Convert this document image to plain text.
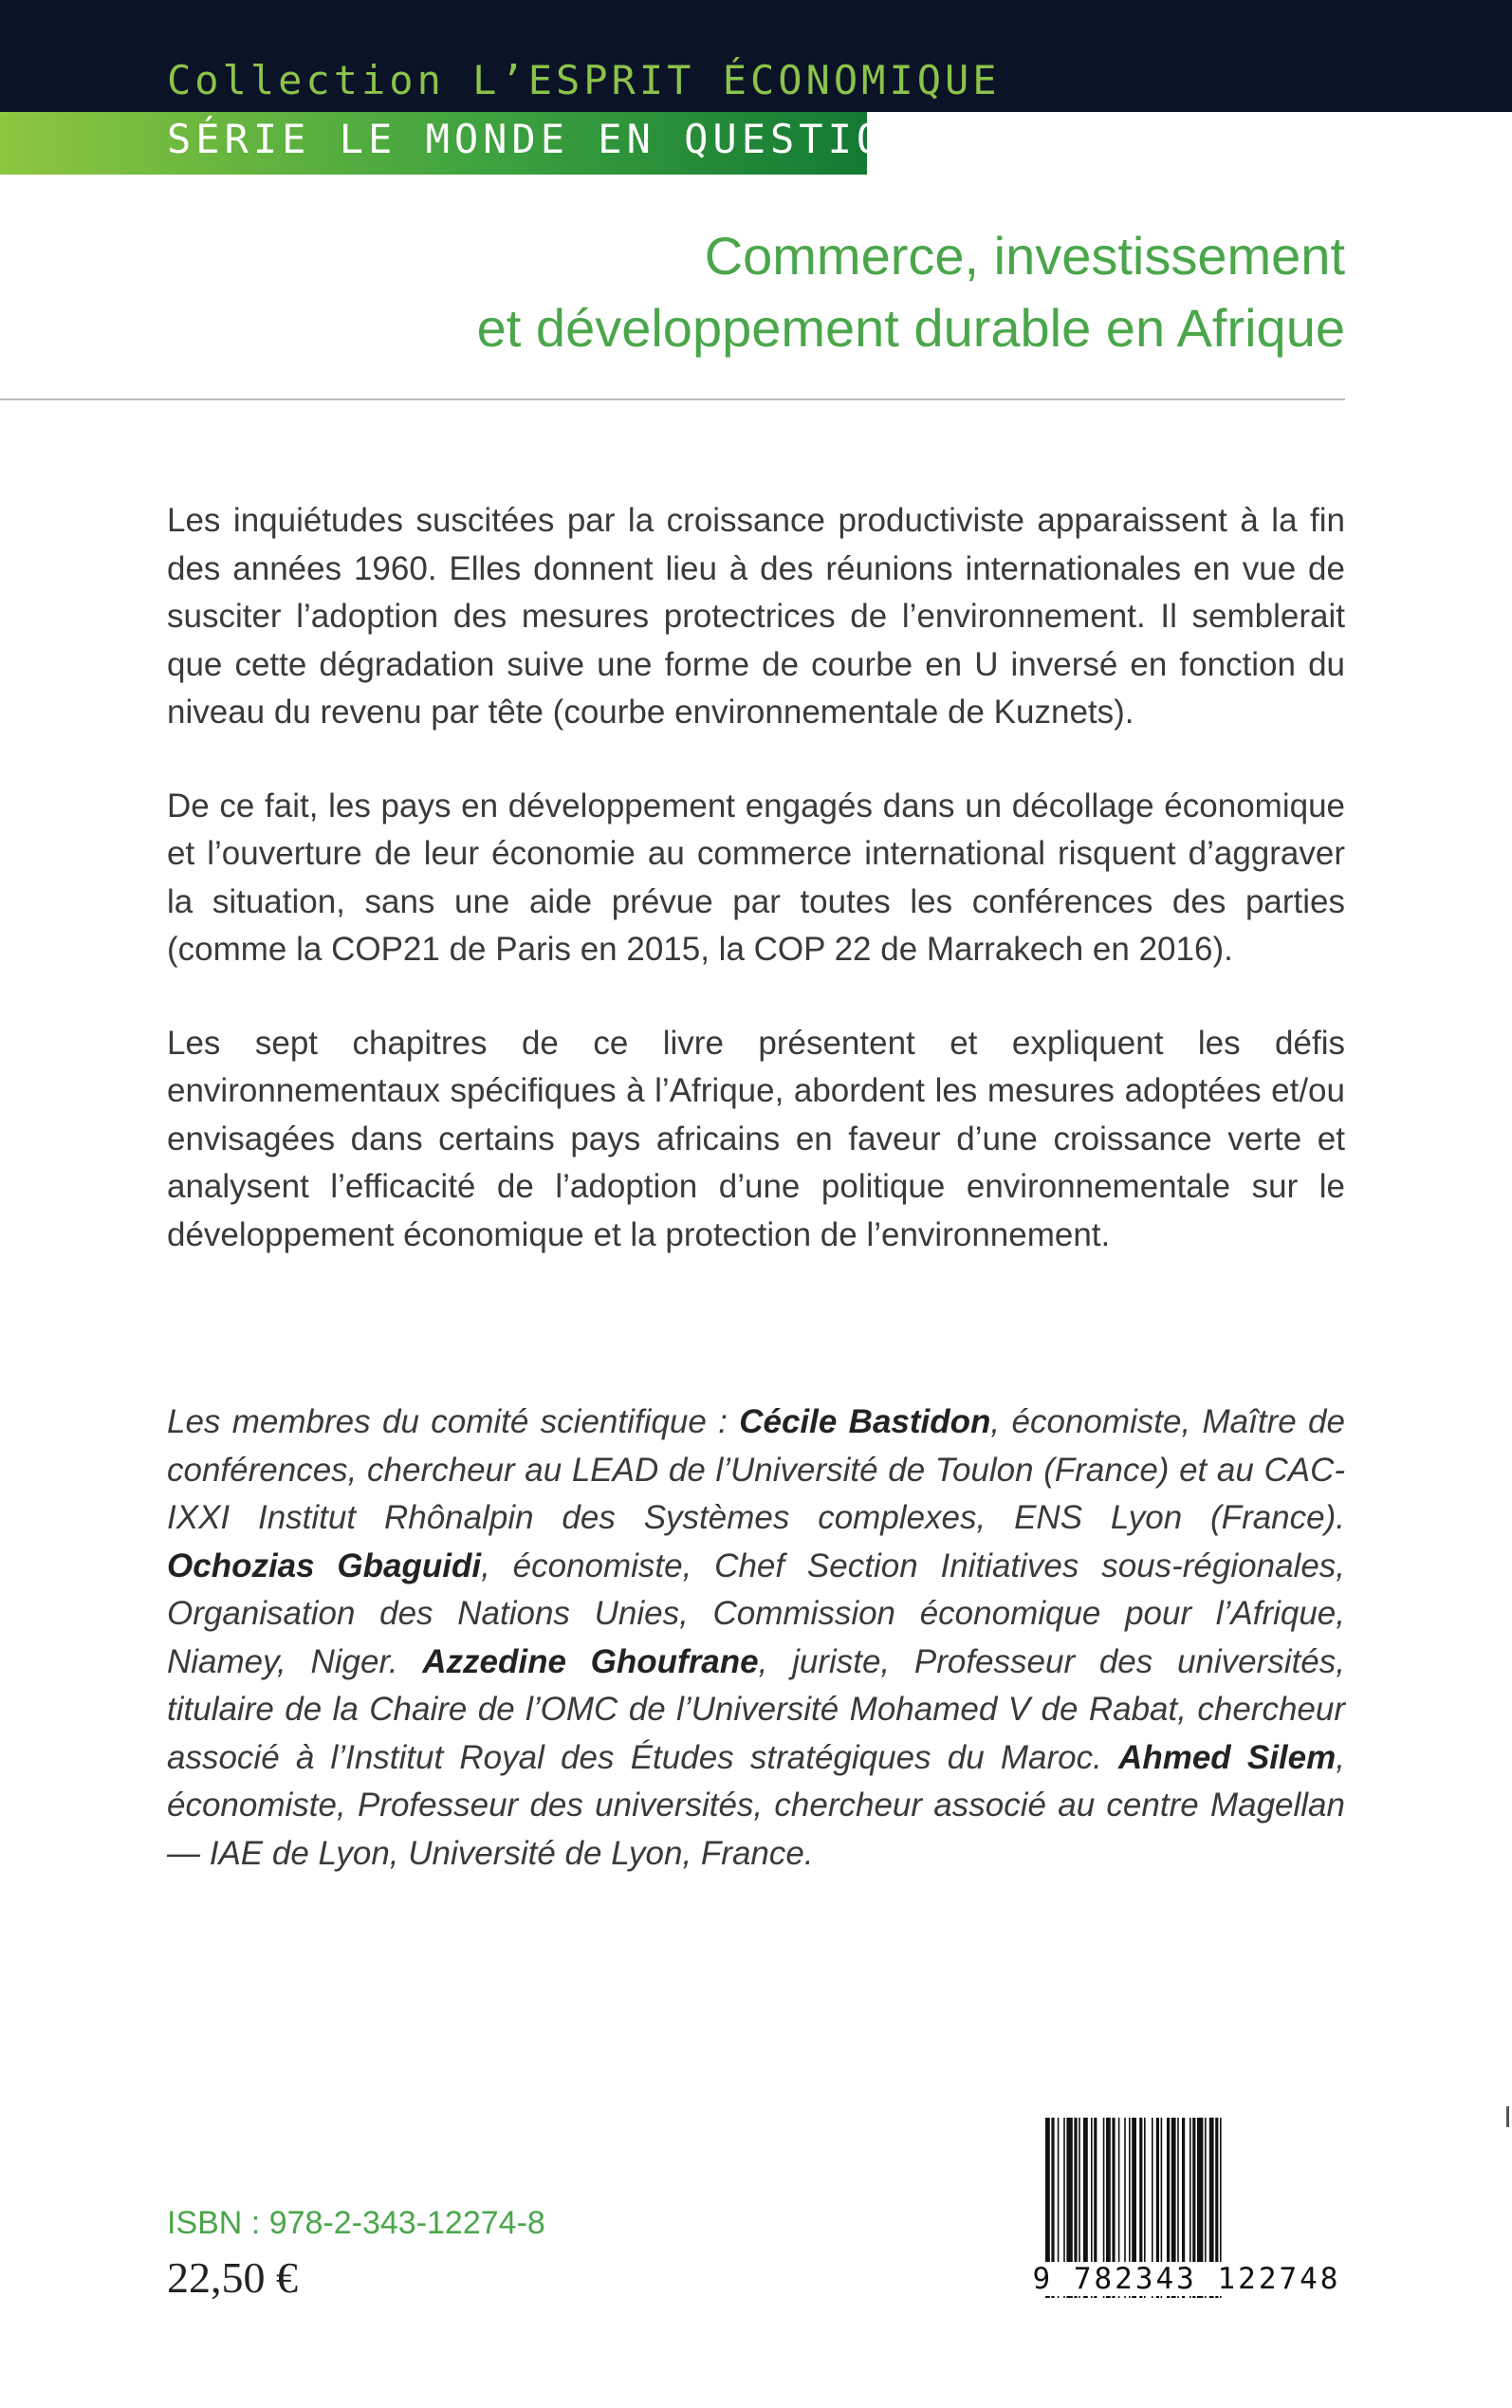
Collection L’ESPRIT ÉCONOMIQUE
SÉRIE LE MONDE EN QUESTION
Commerce, investissement
et développement durable en Afrique

Les inquiétudes suscitées par la croissance productiviste apparaissent à la fin des années 1960. Elles donnent lieu à des réunions internationales en vue de susciter l’adoption des mesures protectrices de l’environnement. Il semblerait que cette dégradation suive une forme de courbe en U inversé en fonction du niveau du revenu par tête (courbe environnementale de Kuznets).

De ce fait, les pays en développement engagés dans un décollage économique et l’ouverture de leur économie au commerce international risquent d’aggraver la situation, sans une aide prévue par toutes les conférences des parties (comme la COP21 de Paris en 2015, la COP 22 de Marrakech en 2016).

Les sept chapitres de ce livre présentent et expliquent les défis environnementaux spécifiques à l’Afrique, abordent les mesures adoptées et/ou envisagées dans certains pays africains en faveur d’une croissance verte et analysent l’efficacité de l’adoption d’une politique environnementale sur le développement économique et la protection de l’environnement.

Les membres du comité scientifique : Cécile Bastidon, économiste, Maître de conférences, chercheur au LEAD de l’Université de Toulon (France) et au CAC-IXXI Institut Rhônalpin des Systèmes complexes, ENS Lyon (France). Ochozias Gbaguidi, économiste, Chef Section Initiatives sous-régionales, Organisation des Nations Unies, Commission économique pour l’Afrique, Niamey, Niger. Azzedine Ghoufrane, juriste, Professeur des universités, titulaire de la Chaire de l’OMC de l’Université Mohamed V de Rabat, chercheur associé à l’Institut Royal des Études stratégiques du Maroc. Ahmed Silem, économiste, Professeur des universités, chercheur associé au centre Magellan — IAE de Lyon, Université de Lyon, France.
ISBN : 978-2-343-12274-8
22,50 €	9 782343 122748
